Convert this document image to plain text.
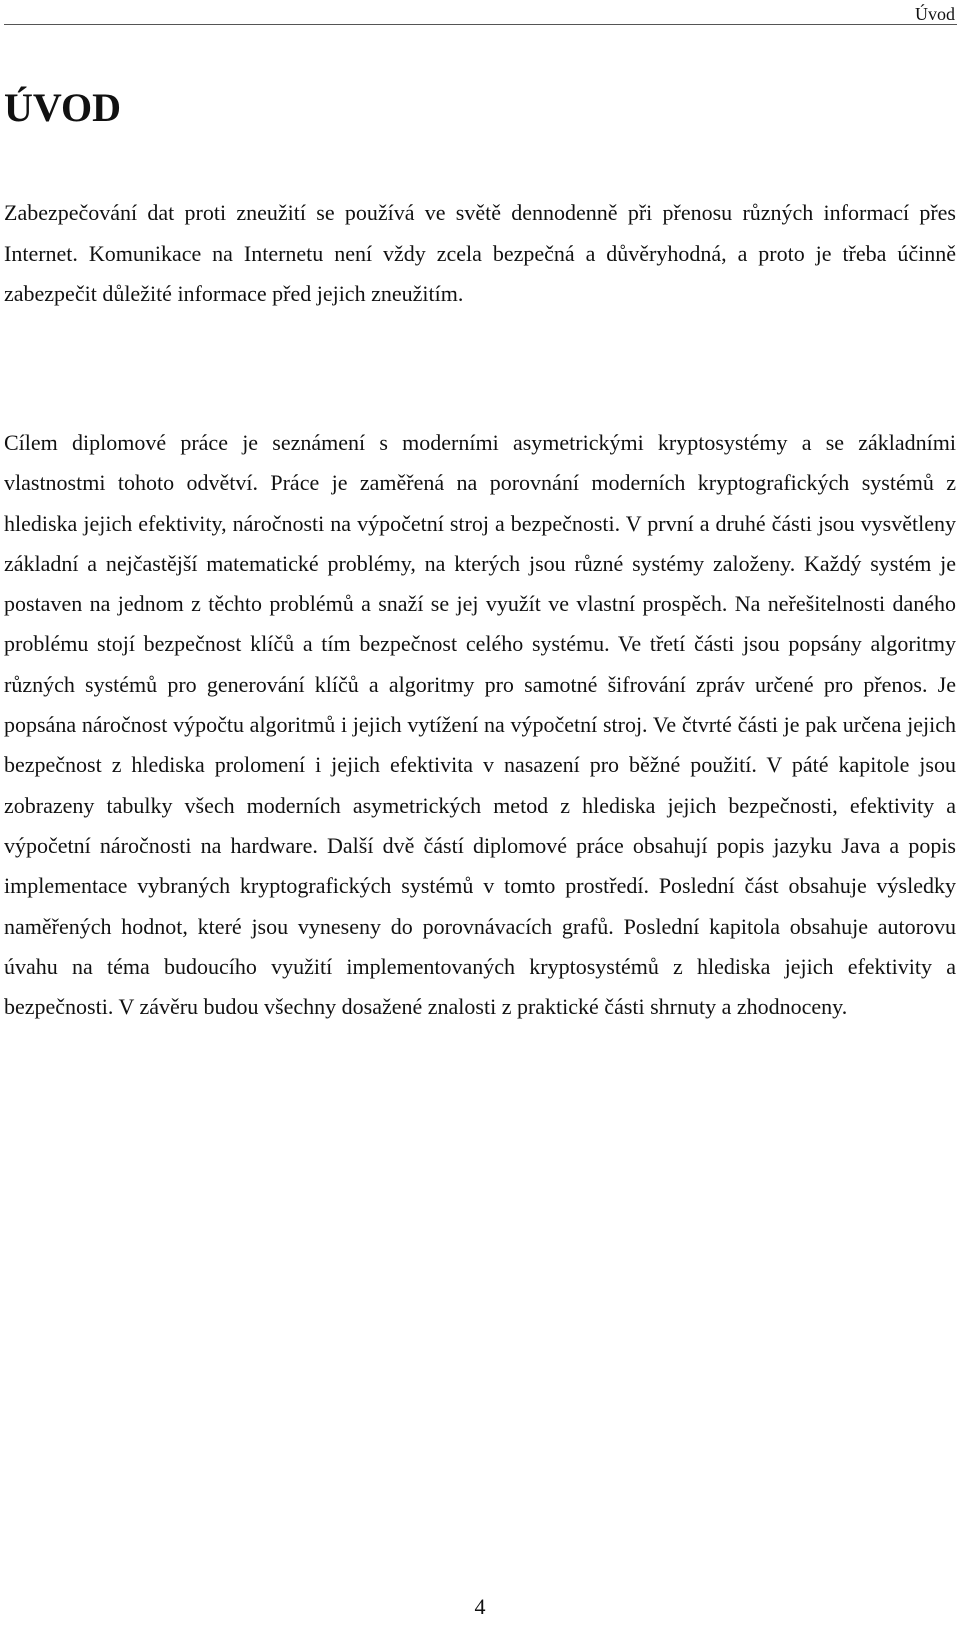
Úvod
ÚVOD

Zabezpečování dat proti zneužití se používá ve světě dennodenně při přenosu různých informací přes Internet. Komunikace na Internetu není vždy zcela bezpečná a důvěryhodná, a proto je třeba účinně zabezpečit důležité informace před jejich zneužitím.

Cílem diplomové práce je seznámení s moderními asymetrickými kryptosystémy a se základními vlastnostmi tohoto odvětví. Práce je zaměřená na porovnání moderních kryptografických systémů z hlediska jejich efektivity, náročnosti na výpočetní stroj a bezpečnosti. V první a druhé části jsou vysvětleny základní a nejčastější matematické problémy, na kterých jsou různé systémy založeny. Každý systém je postaven na jednom z těchto problémů a snaží se jej využít ve vlastní prospěch. Na neřešitelnosti daného problému stojí bezpečnost klíčů a tím bezpečnost celého systému. Ve třetí části jsou popsány algoritmy různých systémů pro generování klíčů a algoritmy pro samotné šifrování zpráv určené pro přenos. Je popsána náročnost výpočtu algoritmů i jejich vytížení na výpočetní stroj. Ve čtvrté části je pak určena jejich bezpečnost z hlediska prolomení i jejich efektivita v nasazení pro běžné použití. V páté kapitole jsou zobrazeny tabulky všech moderních asymetrických metod z hlediska jejich bezpečnosti, efektivity a výpočetní náročnosti na hardware. Další dvě částí diplomové práce obsahují popis jazyku Java a popis implementace vybraných kryptografických systémů v tomto prostředí. Poslední část obsahuje výsledky naměřených hodnot, které jsou vyneseny do porovnávacích grafů. Poslední kapitola obsahuje autorovu úvahu na téma budoucího využití implementovaných kryptosystémů z hlediska jejich efektivity a bezpečnosti. V závěru budou všechny dosažené znalosti z praktické části shrnuty a zhodnoceny.

4
